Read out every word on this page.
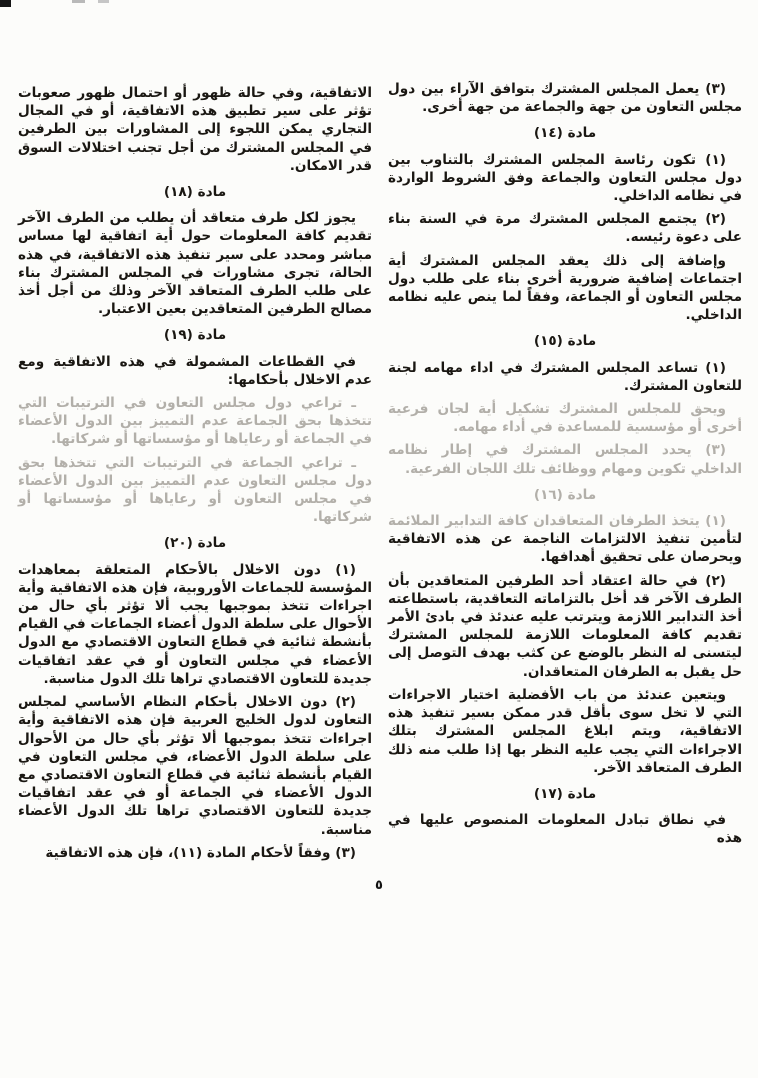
(٣) يعمل المجلس المشترك بتوافق الآراء بين دول مجلس التعاون من جهة والجماعة من جهة أخرى.

مادة (١٤)

(١) تكون رئاسة المجلس المشترك بالتناوب بين دول مجلس التعاون والجماعة وفق الشروط الواردة في نظامه الداخلي.

(٢) يجتمع المجلس المشترك مرة في السنة بناء على دعوة رئيسه.

وإضافة إلى ذلك يعقد المجلس المشترك أية اجتماعات إضافية ضرورية أخرى بناء على طلب دول مجلس التعاون أو الجماعة، وفقاً لما ينص عليه نظامه الداخلي.

مادة (١٥)

(١) تساعد المجلس المشترك في اداء مهامه لجنة للتعاون المشترك.

ويحق للمجلس المشترك تشكيل أية لجان فرعية أخرى أو مؤسسية للمساعدة في أداء مهامه.

(٣) يحدد المجلس المشترك في إطار نظامه الداخلي تكوين ومهام ووظائف تلك اللجان الفرعية.

مادة (١٦)

(١) يتخذ الطرفان المتعاقدان كافة التدابير الملائمة لتأمين تنفيذ الالتزامات الناجمة عن هذه الاتفاقية ويحرصان على تحقيق أهدافها.

(٢) في حالة اعتقاد أحد الطرفين المتعاقدين بأن الطرف الآخر قد أخل بالتزاماته التعاقدية، باستطاعته أخذ التدابير اللازمة ويترتب عليه عندئذ في بادئ الأمر تقديم كافة المعلومات اللازمة للمجلس المشترك ليتسنى له النظر بالوضع عن كثب بهدف التوصل إلى حل يقبل به الطرفان المتعاقدان.

ويتعين عندئذ من باب الأفضلية اختيار الاجراءات التي لا تخل سوى بأقل قدر ممكن بسير تنفيذ هذه الاتفاقية، ويتم ابلاغ المجلس المشترك بتلك الاجراءات التي يجب عليه النظر بها إذا طلب منه ذلك الطرف المتعاقد الآخر.

مادة (١٧)

في نطاق تبادل المعلومات المنصوص عليها في هذه

الاتفاقية، وفي حالة ظهور أو احتمال ظهور صعوبات تؤثر على سير تطبيق هذه الاتفاقية، أو في المجال التجاري يمكن اللجوء إلى المشاورات بين الطرفين في المجلس المشترك من أجل تجنب اختلالات السوق قدر الامكان.

مادة (١٨)

يجوز لكل طرف متعاقد أن يطلب من الطرف الآخر تقديم كافة المعلومات حول أية اتفاقية لها مساس مباشر ومحدد على سير تنفيذ هذه الاتفاقية، في هذه الحالة، تجرى مشاورات في المجلس المشترك بناء على طلب الطرف المتعاقد الآخر وذلك من أجل أخذ مصالح الطرفين المتعاقدين بعين الاعتبار.

مادة (١٩)

في القطاعات المشمولة في هذه الاتفاقية ومع عدم الاخلال بأحكامها:

ـ تراعي دول مجلس التعاون في الترتيبات التي تتخذها بحق الجماعة عدم التمييز بين الدول الأعضاء في الجماعة أو رعاياها أو مؤسساتها أو شركاتها.

ـ تراعي الجماعة في الترتيبات التي تتخذها بحق دول مجلس التعاون عدم التمييز بين الدول الأعضاء في مجلس التعاون أو رعاياها أو مؤسساتها أو شركاتها.

مادة (٢٠)

(١) دون الاخلال بالأحكام المتعلقة بمعاهدات المؤسسة للجماعات الأوروبية، فإن هذه الاتفاقية وأية اجراءات تتخذ بموجبها يجب ألا تؤثر بأي حال من الأحوال على سلطة الدول أعضاء الجماعات في القيام بأنشطة ثنائية في قطاع التعاون الاقتصادي مع الدول الأعضاء في مجلس التعاون أو في عقد اتفاقيات جديدة للتعاون الاقتصادي تراها تلك الدول مناسبة.

(٢) دون الاخلال بأحكام النظام الأساسي لمجلس التعاون لدول الخليج العربية فإن هذه الاتفاقية وأية اجراءات تتخذ بموجبها ألا تؤثر بأي حال من الأحوال على سلطة الدول الأعضاء، في مجلس التعاون في القيام بأنشطة ثنائية في قطاع التعاون الاقتصادي مع الدول الأعضاء في الجماعة أو في عقد اتفاقيات جديدة للتعاون الاقتصادي تراها تلك الدول الأعضاء مناسبة.

(٣) وفقاً لأحكام المادة (١١)، فإن هذه الاتفاقية

٥
